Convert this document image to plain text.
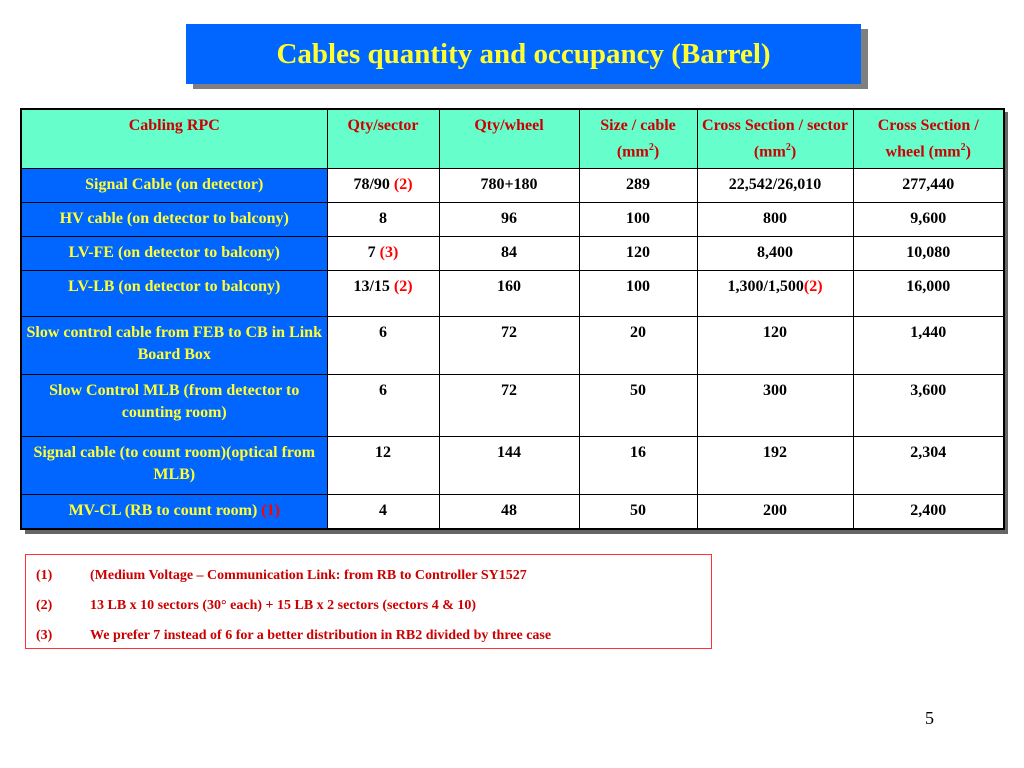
Cables quantity and occupancy (Barrel)
Cabling RPC	Qty/sector	Qty/wheel	Size / cable $(mm^2)$	Cross Section / sector $(mm^2)$	Cross Section / wheel $(mm^2)$
Signal Cable (on detector)	78/90 (2)	780+180	289	22,542/26,010	277,440
HV cable (on detector to balcony)	8	96	100	800	9,600
LV-FE (on detector to balcony)	7 (3)	84	120	8,400	10,080
LV-LB (on detector to balcony)	13/15 (2)	160	100	1,300/1,500(2)	16,000
Slow control cable from FEB to CB in Link Board Box	6	72	20	120	1,440
Slow Control MLB (from detector to counting room)	6	72	50	300	3,600
Signal cable (to count room)(optical from MLB)	12	144	16	192	2,304
MV-CL (RB to count room) (1)	4	48	50	200	2,400
(1)	(Medium Voltage – Communication Link: from RB to Controller SY1527
(2)	13 LB x 10 sectors (30° each) + 15 LB x 2 sectors (sectors 4 & 10)
(3)	We prefer 7 instead of 6 for a better distribution in RB2 divided by three case
5
